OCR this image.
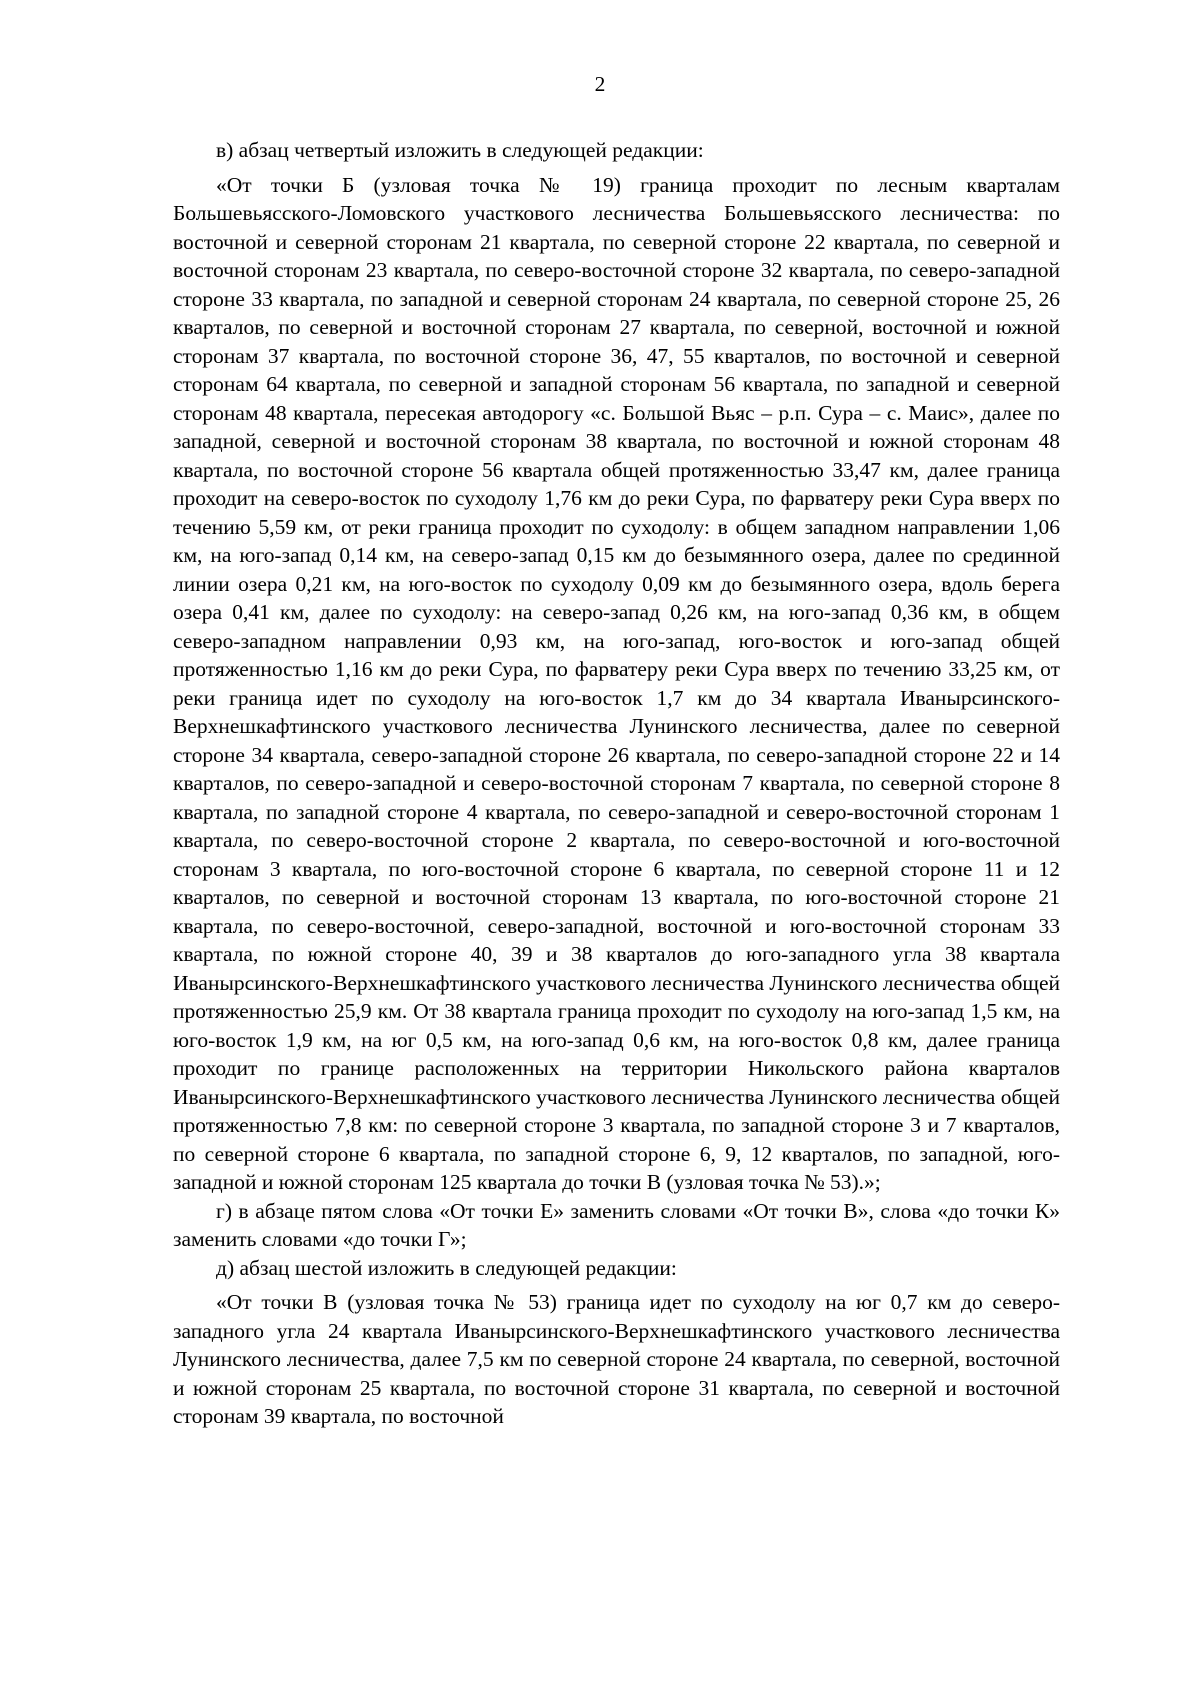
2

в) абзац четвертый изложить в следующей редакции:

«От точки Б (узловая точка № 19) граница проходит по лесным кварталам Большевьясского-Ломовского участкового лесничества Большевьясского лесничества: по восточной и северной сторонам 21 квартала, по северной стороне 22 квартала, по северной и восточной сторонам 23 квартала, по северо-восточной стороне 32 квартала, по северо-западной стороне 33 квартала, по западной и северной сторонам 24 квартала, по северной стороне 25, 26 кварталов, по северной и восточной сторонам 27 квартала, по северной, восточной и южной сторонам 37 квартала, по восточной стороне 36, 47, 55 кварталов, по восточной и северной сторонам 64 квартала, по северной и западной сторонам 56 квартала, по западной и северной сторонам 48 квартала, пересекая автодорогу «с. Большой Вьяс – р.п. Сура – с. Маис», далее по западной, северной и восточной сторонам 38 квартала, по восточной и южной сторонам 48 квартала, по восточной стороне 56 квартала общей протяженностью 33,47 км, далее граница проходит на северо-восток по суходолу 1,76 км до реки Сура, по фарватеру реки Сура вверх по течению 5,59 км, от реки граница проходит по суходолу: в общем западном направлении 1,06 км, на юго-запад 0,14 км, на северо-запад 0,15 км до безымянного озера, далее по срединной линии озера 0,21 км, на юго-восток по суходолу 0,09 км до безымянного озера, вдоль берега озера 0,41 км, далее по суходолу: на северо-запад 0,26 км, на юго-запад 0,36 км, в общем северо-западном направлении 0,93 км, на юго-запад, юго-восток и юго-запад общей протяженностью 1,16 км до реки Сура, по фарватеру реки Сура вверх по течению 33,25 км, от реки граница идет по суходолу на юго-восток 1,7 км до 34 квартала Иванырсинского-Верхнешкафтинского участкового лесничества Лунинского лесничества, далее по северной стороне 34 квартала, северо-западной стороне 26 квартала, по северо-западной стороне 22 и 14 кварталов, по северо-западной и северо-восточной сторонам 7 квартала, по северной стороне 8 квартала, по западной стороне 4 квартала, по северо-западной и северо-восточной сторонам 1 квартала, по северо-восточной стороне 2 квартала, по северо-восточной и юго-восточной сторонам 3 квартала, по юго-восточной стороне 6 квартала, по северной стороне 11 и 12 кварталов, по северной и восточной сторонам 13 квартала, по юго-восточной стороне 21 квартала, по северо-восточной, северо-западной, восточной и юго-восточной сторонам 33 квартала, по южной стороне 40, 39 и 38 кварталов до юго-западного угла 38 квартала Иванырсинского-Верхнешкафтинского участкового лесничества Лунинского лесничества общей протяженностью 25,9 км. От 38 квартала граница проходит по суходолу на юго-запад 1,5 км, на юго-восток 1,9 км, на юг 0,5 км, на юго-запад 0,6 км, на юго-восток 0,8 км, далее граница проходит по границе расположенных на территории Никольского района кварталов Иванырсинского-Верхнешкафтинского участкового лесничества Лунинского лесничества общей протяженностью 7,8 км: по северной стороне 3 квартала, по западной стороне 3 и 7 кварталов, по северной стороне 6 квартала, по западной стороне 6, 9, 12 кварталов, по западной, юго-западной и южной сторонам 125 квартала до точки В (узловая точка № 53).»;

г) в абзаце пятом слова «От точки Е» заменить словами «От точки В», слова «до точки К» заменить словами «до точки Г»;

д) абзац шестой изложить в следующей редакции:

«От точки В (узловая точка № 53) граница идет по суходолу на юг 0,7 км до северо-западного угла 24 квартала Иванырсинского-Верхнешкафтинского участкового лесничества Лунинского лесничества, далее 7,5 км по северной стороне 24 квартала, по северной, восточной и южной сторонам 25 квартала, по восточной стороне 31 квартала, по северной и восточной сторонам 39 квартала, по восточной
